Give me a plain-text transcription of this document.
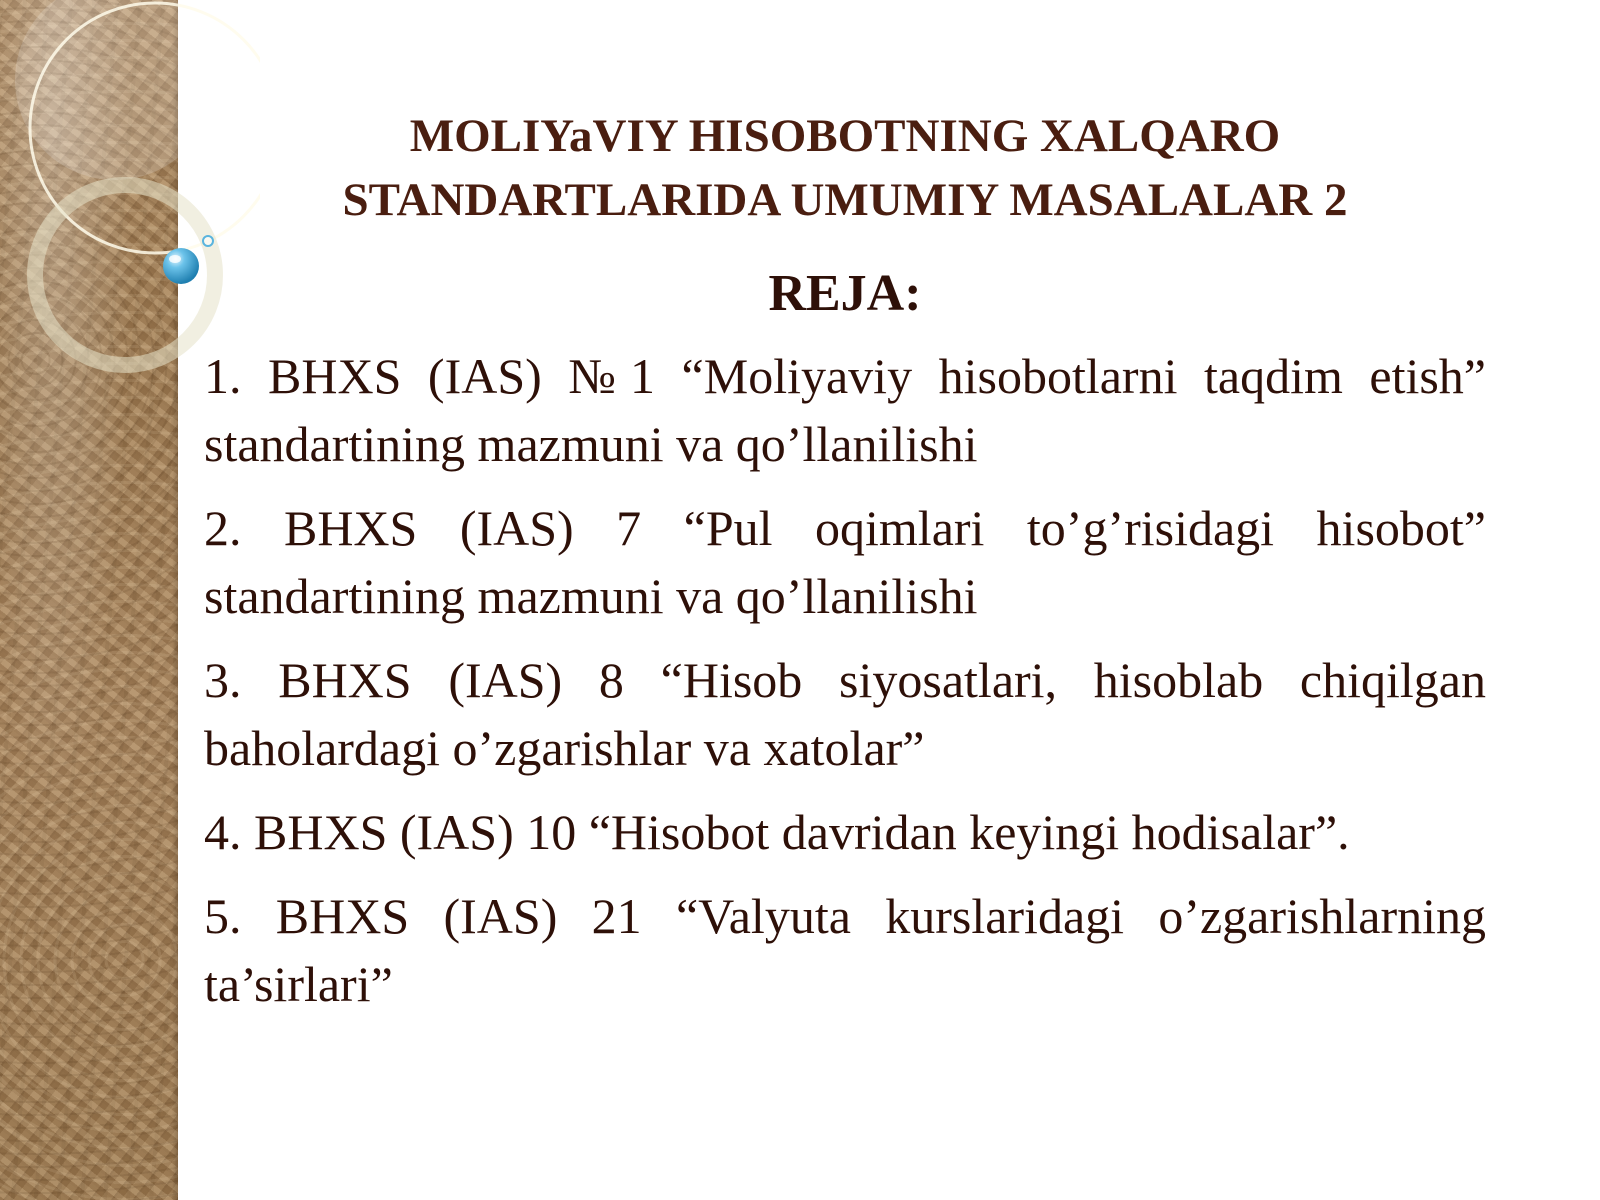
MOLIYaVIY HISOBOTNING XALQARO
STANDARTLARIDA UMUMIY MASALALAR 2
REJA:
1. BHXS (IAS) №1 “Moliyaviy hisobotlarni taqdim etish” standartining mazmuni va qo’llanilishi
2. BHXS (IAS) 7 “Pul oqimlari to’g’risidagi hisobot” standartining mazmuni va qo’llanilishi
3. BHXS (IAS) 8 “Hisob siyosatlari, hisoblab chiqilgan baholardagi o’zgarishlar va xatolar”
4. BHXS (IAS) 10 “Hisobot davridan keyingi hodisalar”.
5. BHXS (IAS) 21 “Valyuta kurslaridagi o’zgarishlarning ta’sirlari”
